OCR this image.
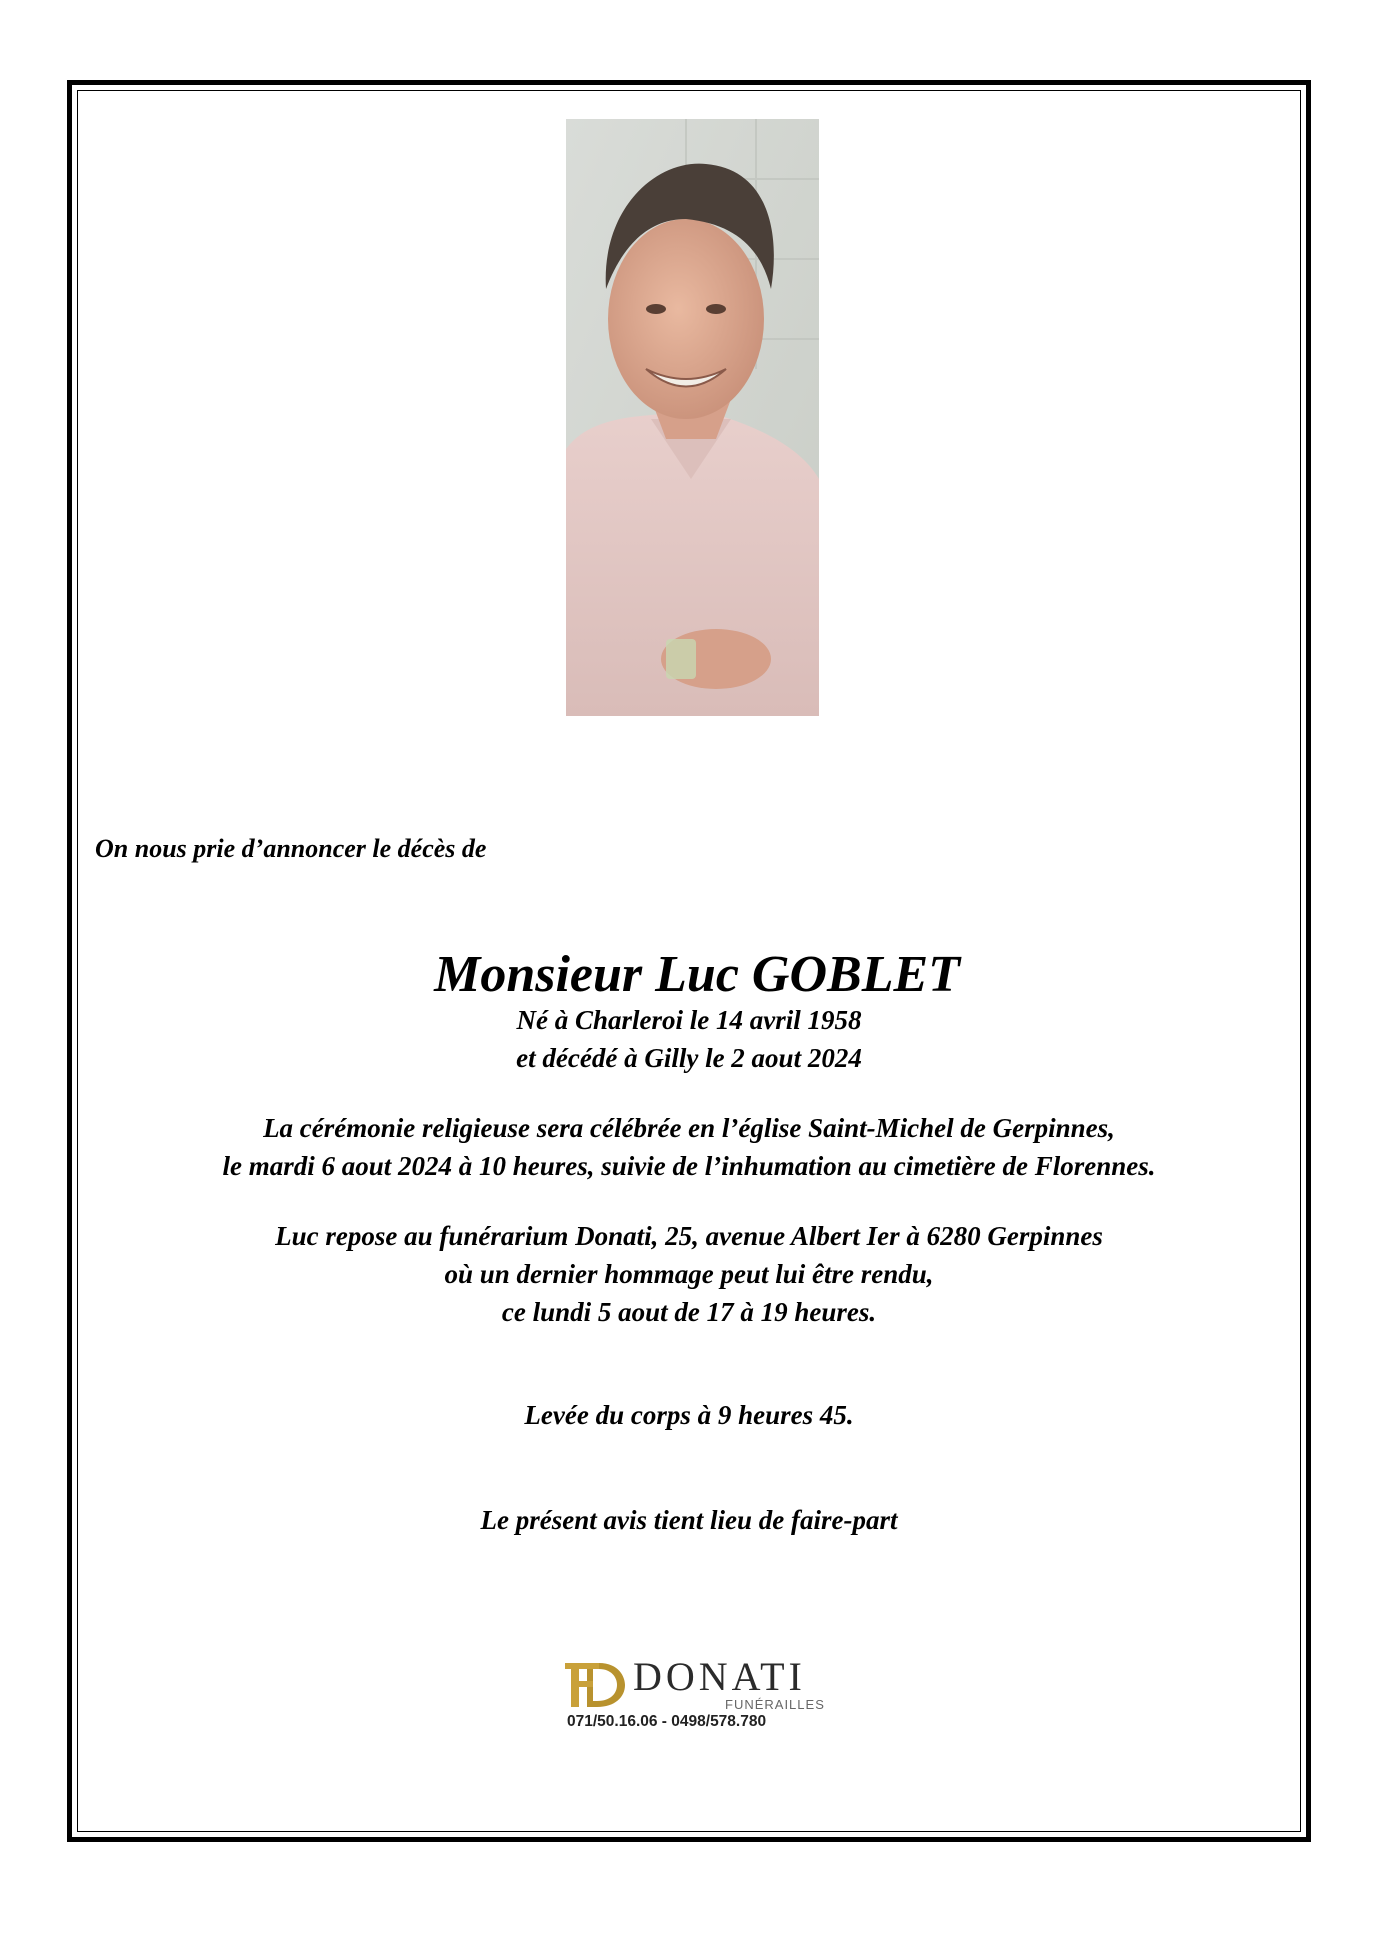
On nous prie d’annoncer le décès de
Monsieur Luc GOBLET
Né à Charleroi le 14 avril 1958
et décédé à Gilly le 2 aout 2024
La cérémonie religieuse sera célébrée en l’église Saint-Michel de Gerpinnes,
le mardi 6 aout 2024 à 10 heures, suivie de l’inhumation au cimetière de Florennes.
Luc repose au funérarium Donati, 25, avenue Albert Ier à 6280 Gerpinnes
où un dernier hommage peut lui être rendu,
ce lundi 5 aout de 17 à 19 heures.
Levée du corps à 9 heures 45.
Le présent avis tient lieu de faire-part
DONATI
FUNÉRAILLES
071/50.16.06 - 0498/578.780
